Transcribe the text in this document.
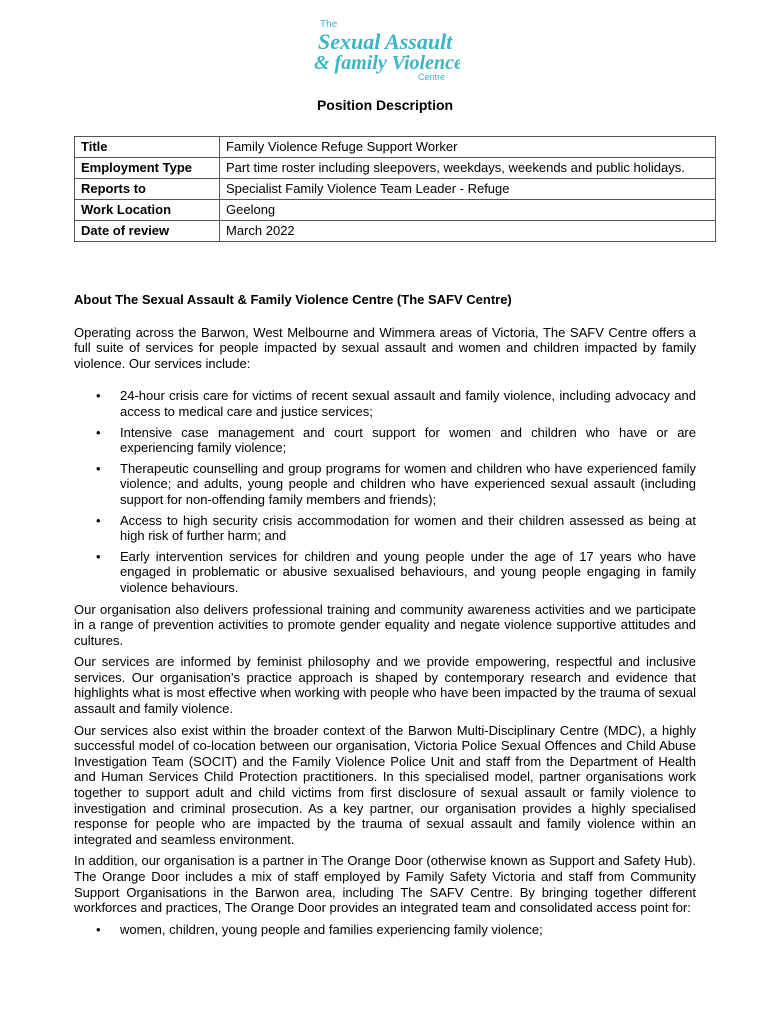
The
Sexual Assault
& family Violence
Centre
Position Description
Title	Family Violence Refuge Support Worker
Employment Type	Part time roster including sleepovers, weekdays, weekends and public holidays.
Reports to	Specialist Family Violence Team Leader - Refuge
Work Location	Geelong
Date of review	March 2022

About The Sexual Assault & Family Violence Centre (The SAFV Centre)

Operating across the Barwon, West Melbourne and Wimmera areas of Victoria, The SAFV Centre offers a full suite of services for people impacted by sexual assault and women and children impacted by family violence. Our services include:

• 24-hour crisis care for victims of recent sexual assault and family violence, including advocacy and access to medical care and justice services;
• Intensive case management and court support for women and children who have or are experiencing family violence;
• Therapeutic counselling and group programs for women and children who have experienced family violence; and adults, young people and children who have experienced sexual assault (including support for non-offending family members and friends);
• Access to high security crisis accommodation for women and their children assessed as being at high risk of further harm; and
• Early intervention services for children and young people under the age of 17 years who have engaged in problematic or abusive sexualised behaviours, and young people engaging in family violence behaviours.

Our organisation also delivers professional training and community awareness activities and we participate in a range of prevention activities to promote gender equality and negate violence supportive attitudes and cultures.

Our services are informed by feminist philosophy and we provide empowering, respectful and inclusive services. Our organisation’s practice approach is shaped by contemporary research and evidence that highlights what is most effective when working with people who have been impacted by the trauma of sexual assault and family violence.

Our services also exist within the broader context of the Barwon Multi-Disciplinary Centre (MDC), a highly successful model of co-location between our organisation, Victoria Police Sexual Offences and Child Abuse Investigation Team (SOCIT) and the Family Violence Police Unit and staff from the Department of Health and Human Services Child Protection practitioners. In this specialised model, partner organisations work together to support adult and child victims from first disclosure of sexual assault or family violence to investigation and criminal prosecution. As a key partner, our organisation provides a highly specialised response for people who are impacted by the trauma of sexual assault and family violence within an integrated and seamless environment.

In addition, our organisation is a partner in The Orange Door (otherwise known as Support and Safety Hub). The Orange Door includes a mix of staff employed by Family Safety Victoria and staff from Community Support Organisations in the Barwon area, including The SAFV Centre. By bringing together different workforces and practices, The Orange Door provides an integrated team and consolidated access point for:

• women, children, young people and families experiencing family violence;
